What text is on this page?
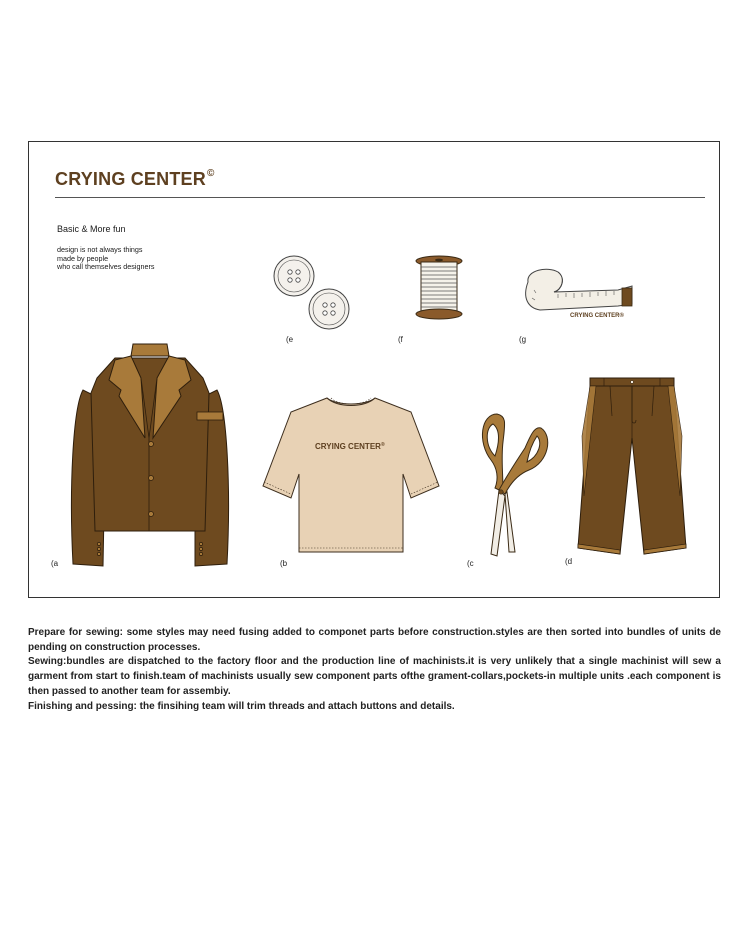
CRYING CENTER©
Basic & More fun
design is not always things
made by people
who call themselves designers
(e	(f
CRYING CENTER®
(g
(a
CRYING CENTER®
(b	(c	(d

Prepare for sewing: some styles may need fusing added to componet parts before construction.styles are then sorted into bundles of units de pending on construction processes.

Sewing:bundles are dispatched to the factory floor and the production line of machinists.it is very unlikely that a single machinist will sew a garment from start to finish.team of machinists usually sew component parts ofthe grament-collars,pockets-in multiple units .each component is then passed to another team for assembiy.

Finishing and pessing: the finsihing team will trim threads and attach buttons and details.
